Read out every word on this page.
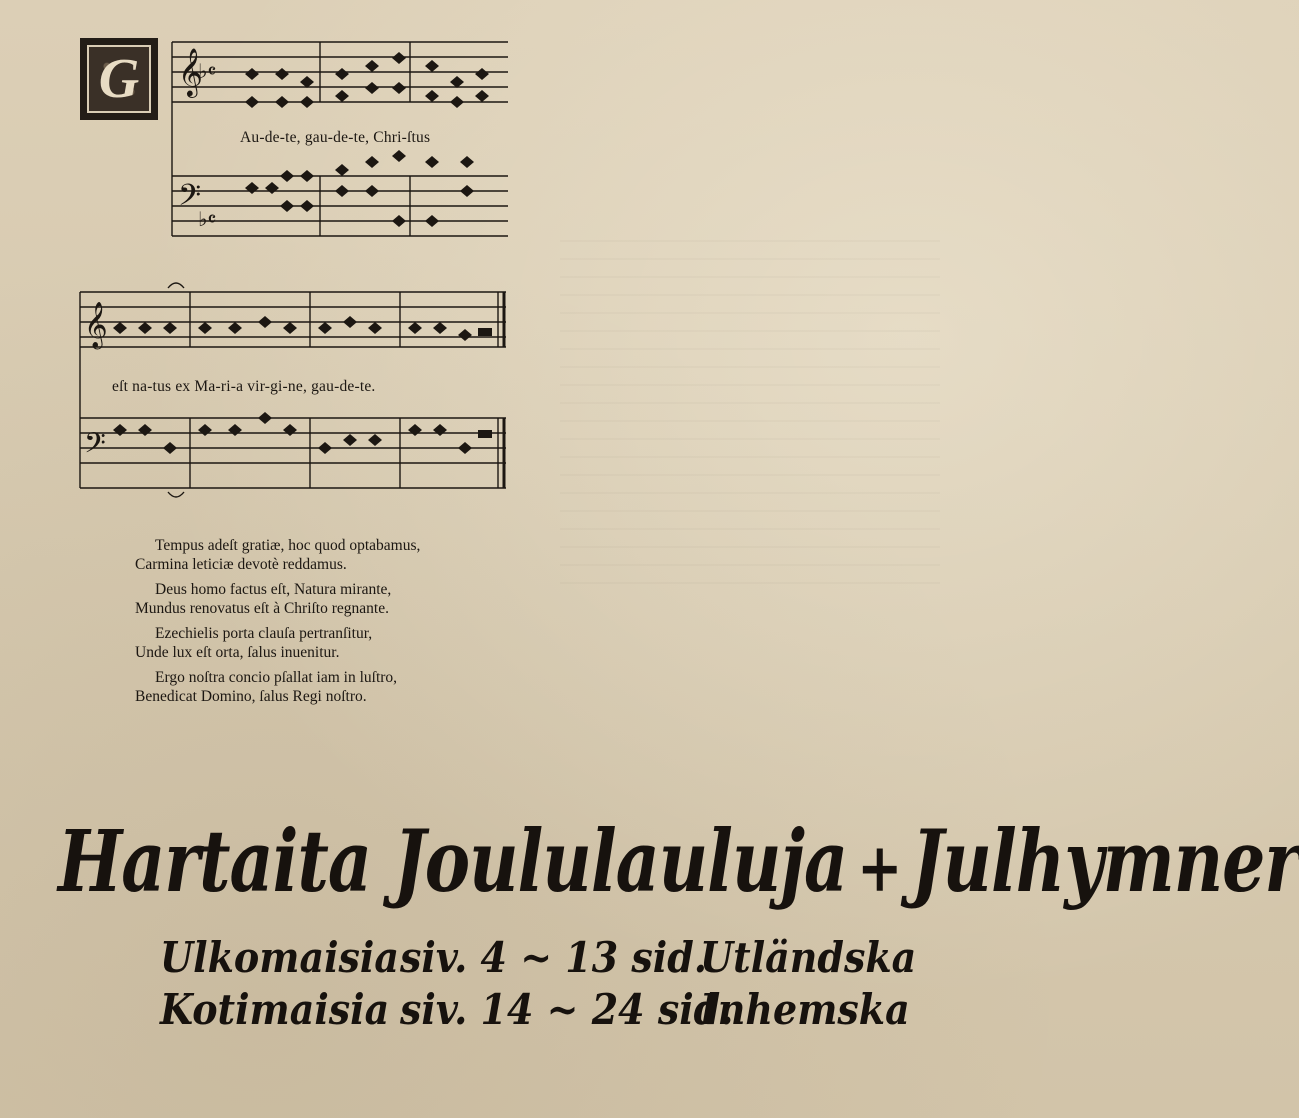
G 𝄞
♭𝄴
𝄢
♭𝄴
Au-de-te, gau-de-te, Chri-ſtus
𝄞
𝄢
eſt na-tus ex Ma-ri-a vir-gi-ne, gau-de-te.
Tempus adeſt gratiæ, hoc quod optabamus,
Carmina leticiæ devotè reddamus.
Deus homo factus eſt, Natura mirante,
Mundus renovatus eſt à Chriſto regnante.
Ezechielis porta clauſa pertranſitur,
Unde lux eſt orta, ſalus inuenitur.
Ergo noſtra concio pſallat iam in luſtro,
Benedicat Domino, ſalus Regi noſtro.
Hartaita Joululauluja + Julhymner
Ulkomaisia siv. 4 ~ 13 sid.
Utländska
Kotimaisia siv. 14 ~ 24 sid.
Inhemska
